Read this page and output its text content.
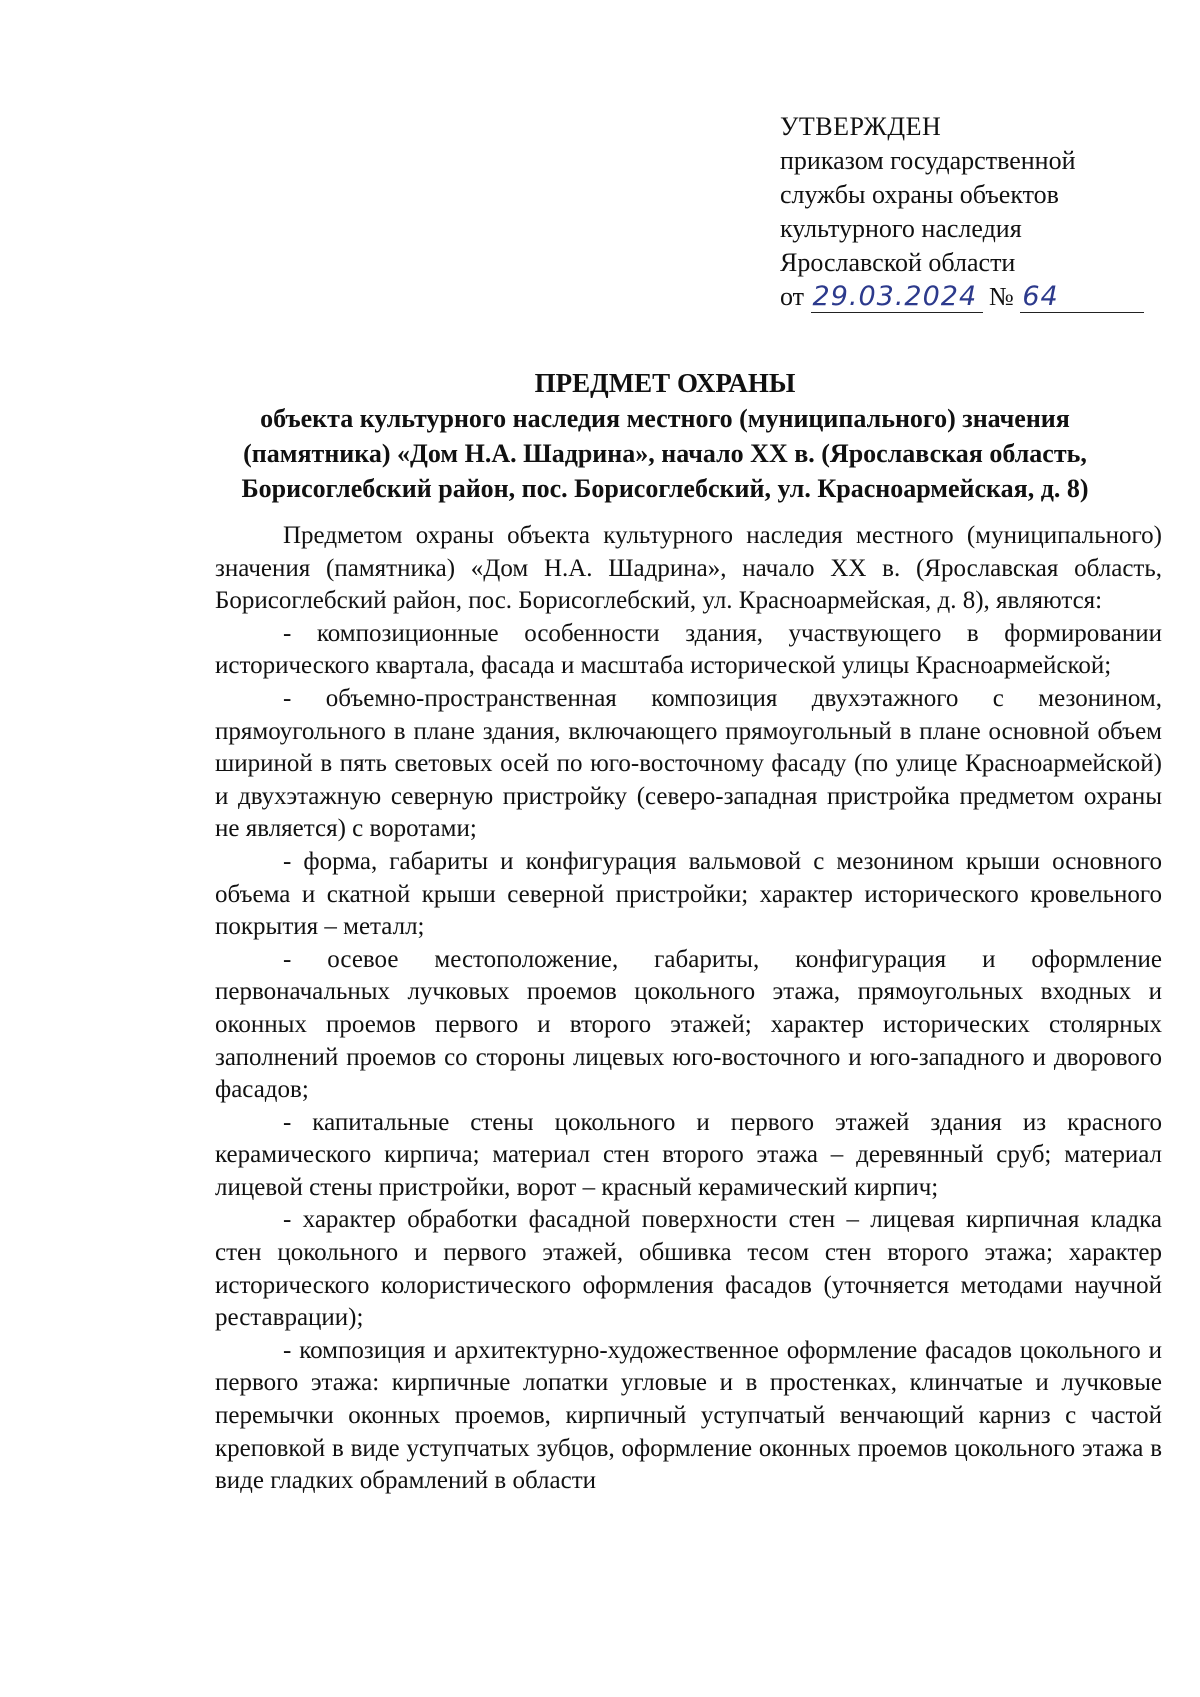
УТВЕРЖДЕН
приказом государственной
службы охраны объектов
культурного наследия
Ярославской области
от 29.03.2024 № 64
ПРЕДМЕТ ОХРАНЫ
объекта культурного наследия местного (муниципального) значения
(памятника) «Дом Н.А. Шадрина», начало XX в. (Ярославская область,
Борисоглебский район, пос. Борисоглебский, ул. Красноармейская, д. 8)

Предметом охраны объекта культурного наследия местного (муниципального) значения (памятника) «Дом Н.А. Шадрина», начало XX в. (Ярославская область, Борисоглебский район, пос. Борисоглебский, ул. Красноармейская, д. 8), являются:

- композиционные особенности здания, участвующего в формировании исторического квартала, фасада и масштаба исторической улицы Красноармейской;

- объемно-пространственная композиция двухэтажного с мезонином, прямоугольного в плане здания, включающего прямоугольный в плане основной объем шириной в пять световых осей по юго-восточному фасаду (по улице Красноармейской) и двухэтажную северную пристройку (северо-западная пристройка предметом охраны не является) с воротами;

- форма, габариты и конфигурация вальмовой с мезонином крыши основного объема и скатной крыши северной пристройки; характер исторического кровельного покрытия – металл;

- осевое местоположение, габариты, конфигурация и оформление первоначальных лучковых проемов цокольного этажа, прямоугольных входных и оконных проемов первого и второго этажей; характер исторических столярных заполнений проемов со стороны лицевых юго-восточного и юго-западного и дворового фасадов;

- капитальные стены цокольного и первого этажей здания из красного керамического кирпича; материал стен второго этажа – деревянный сруб; материал лицевой стены пристройки, ворот – красный керамический кирпич;

- характер обработки фасадной поверхности стен – лицевая кирпичная кладка стен цокольного и первого этажей, обшивка тесом стен второго этажа; характер исторического колористического оформления фасадов (уточняется методами научной реставрации);

- композиция и архитектурно-художественное оформление фасадов цокольного и первого этажа: кирпичные лопатки угловые и в простенках, клинчатые и лучковые перемычки оконных проемов, кирпичный уступчатый венчающий карниз с частой креповкой в виде уступчатых зубцов, оформление оконных проемов цокольного этажа в виде гладких обрамлений в области
